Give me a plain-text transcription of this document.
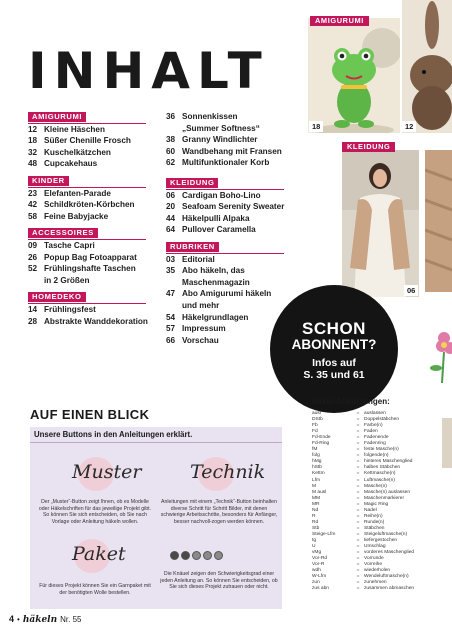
INHALT
AMIGURUMI
12 Kleine Häschen
18 Süßer Chenille Frosch
32 Kuschelkätzchen
48 Cupcakehaus
KINDER
23 Elefanten-Parade
42 Schildkröten-Körbchen
58 Feine Babyjacke
ACCESSOIRES
09 Tasche Capri
26 Popup Bag Fotoapparat
52 Frühlingshafte Taschen
in 2 Größen
HOMEDEKO
14 Frühlingsfest
28 Abstrakte Wanddekoration
36 Sonnenkissen
„Summer Softness“
38 Granny Windlichter
60 Wandbehang mit Fransen
62 Multifunktionaler Korb
KLEIDUNG
06 Cardigan Boho-Lino
20 Seafoam Serenity Sweater
44 Häkelpulli Alpaka
64 Pullover Caramella
RUBRIKEN
03 Editorial
35 Abo häkeln, das
Maschenmagazin
47 Abo Amigurumi häkeln
und mehr
54 Häkelgrundlagen
57 Impressum
66 Vorschau
18
AMIGURUMI
12
06
KLEIDUNG
SCHON
ABONNENT?
Infos auf
S. 35 und 61
AUF EINEN BLICK
Unsere Buttons in den Anleitungen erklärt.
Muster
Der „Muster“-Button zeigt Ihnen, ob es Modelle oder Häkelschriften für das jeweilige Projekt gibt. So können Sie sich entscheiden, ob Sie nach Vorlage oder Anleitung häkeln wollen.
Technik
Anleitungen mit einem „Technik“-Button beinhalten diverse Schritt für Schritt Bilder, mit denen schwierige Arbeitsschritte, besonders für Anfänger, besser nachvoll-zogen werden können.
Paket
Für dieses Projekt können Sie ein Garnpaket mit der benötigten Wolle bestellen.
Die Knäuel zeigen den Schwierigkeitsgrad einer jeden Anleitung an. So können Sie entscheiden, ob Sie sich dieses Projekt zutrauen oder nicht.
Häkel-Abkürzungen:
ausl	= auslassen
DStb	= Doppelstäbchen
Fb	= Farbe(n)
Fd	= Faden
Fd-Ende	= Fadenende
Fd-Ring	= Fadenring
fM	= feste Masche(n)
folg	= folgende(n)
hMg	= hinteres Maschenglied
hStb	= halbes Stäbchen
Kettm	= Kettmasche(n)
Lfm	= Luftmasche(n)
M	= Masche(n)
M ausl	= Masche(n) auslassen
MM	= Maschenmarkierer
MR	= Magic Ring
Nd	= Nadel
R	= Reihe(n)
Rd	= Runde(n)
Stb	= Stäbchen
Steige-Lfm	= Steigeluftmasche(n)
tg	= tiefergestochen
U	= Umschlag
vMg	= vorderes Maschenglied
Vor-Rd	= Vorrunde
Vor-R	= Vorreihe
wdh	= wiederholen
W-Lfm	= Wendeluftmasche(n)
zun	= zunehmen
zus abn	= zusammen abmaschen
4 • häkeln Nr. 55
